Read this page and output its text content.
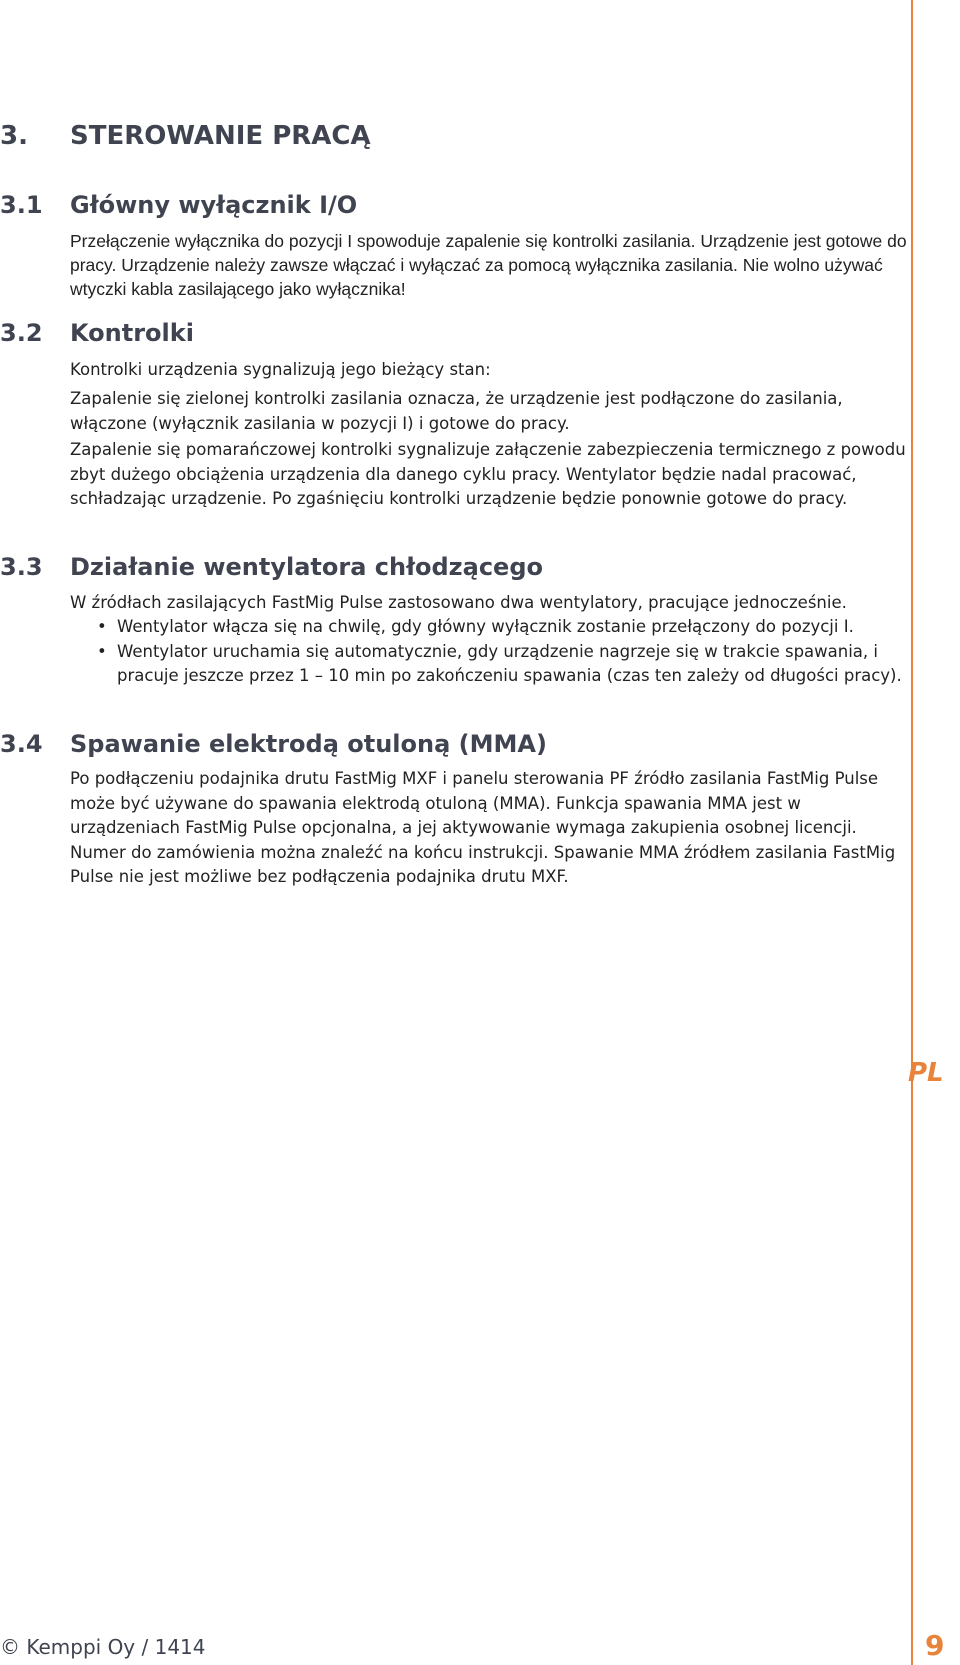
3. STEROWANIE PRACĄ
3.1 Główny wyłącznik I/O

Przełączenie wyłącznika do pozycji I spowoduje zapalenie się kontrolki zasilania. Urządzenie jest gotowe do pracy. Urządzenie należy zawsze włączać i wyłączać za pomocą wyłącznika zasilania. Nie wolno używać wtyczki kabla zasilającego jako wyłącznika!

3.2 Kontrolki

Kontrolki urządzenia sygnalizują jego bieżący stan:

Zapalenie się zielonej kontrolki zasilania oznacza, że urządzenie jest podłączone do zasilania, włączone (wyłącznik zasilania w pozycji I) i gotowe do pracy.

Zapalenie się pomarańczowej kontrolki sygnalizuje załączenie zabezpieczenia termicznego z powodu zbyt dużego obciążenia urządzenia dla danego cyklu pracy. Wentylator będzie nadal pracować, schładzając urządzenie. Po zgaśnięciu kontrolki urządzenie będzie ponownie gotowe do pracy.

3.3 Działanie wentylatora chłodzącego

W źródłach zasilających FastMig Pulse zastosowano dwa wentylatory, pracujące jednocześnie.

• Wentylator włącza się na chwilę, gdy główny wyłącznik zostanie przełączony do pozycji I.
• Wentylator uruchamia się automatycznie, gdy urządzenie nagrzeje się w trakcie spawania, i pracuje jeszcze przez 1 – 10 min po zakończeniu spawania (czas ten zależy od długości pracy).
3.4 Spawanie elektrodą otuloną (MMA)

Po podłączeniu podajnika drutu FastMig MXF i panelu sterowania PF źródło zasilania FastMig Pulse może być używane do spawania elektrodą otuloną (MMA). Funkcja spawania MMA jest w urządzeniach FastMig Pulse opcjonalna, a jej aktywowanie wymaga zakupienia osobnej licencji. Numer do zamówienia można znaleźć na końcu instrukcji. Spawanie MMA źródłem zasilania FastMig Pulse nie jest możliwe bez podłączenia podajnika drutu MXF.

PL
© Kemppi Oy / 1414	9
